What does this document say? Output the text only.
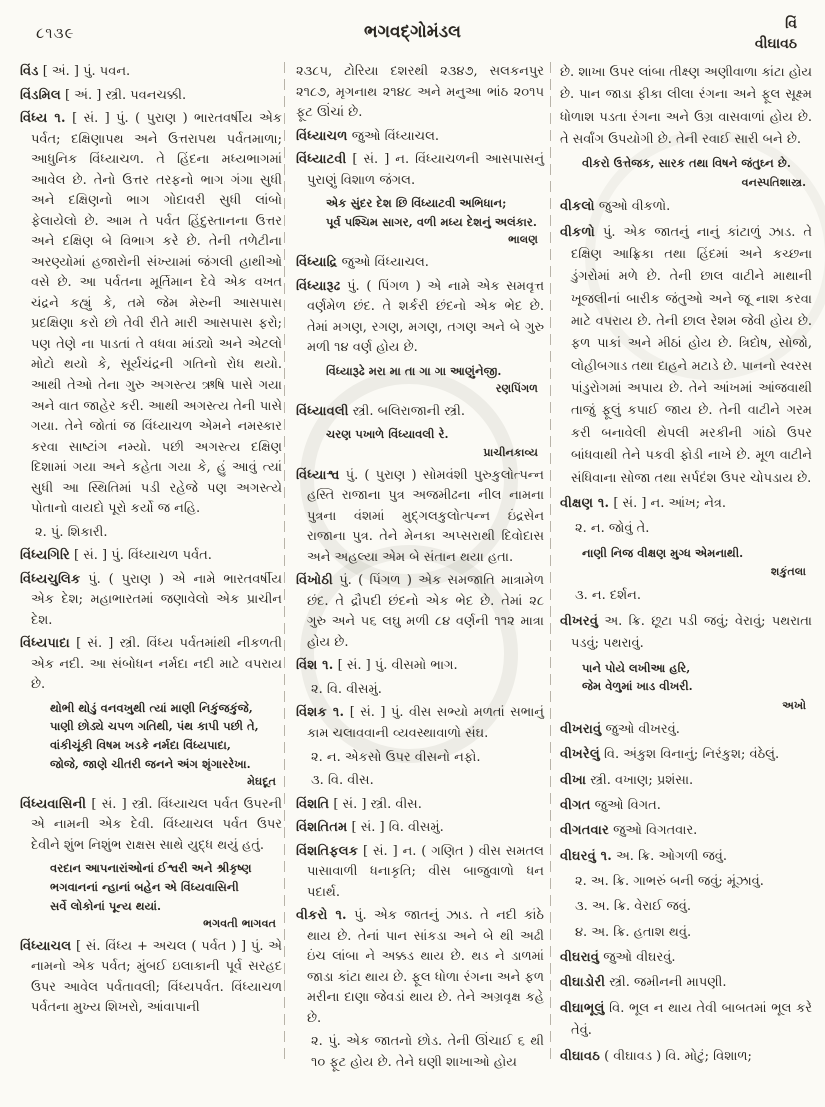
૮૧૩૯	ભગવદ્ગોમંડલ	વિં
વીઘાવઠ

વિંડ [ અં. ] પું. પવન.

વિંડમિલ [ અં. ] સ્ત્રી. પવનચક્કી.

વિંધ્ય ૧. [ સં. ] પું. ( પુરાણ ) ભારતવર્ષીય એક પર્વત; દક્ષિણાપથ અને ઉત્તરાપથ પર્વતમાળા; આધુનિક વિંધ્યાચળ. તે હિંદના મધ્યભાગમાં આવેલ છે. તેનો ઉત્તર તરફનો ભાગ ગંગા સુધી અને દક્ષિણનો ભાગ ગોદાવરી સુધી લાંબો ફેલાયેલો છે. આમ તે પર્વત હિંદુસ્તાનના ઉત્તર અને દક્ષિણ બે વિભાગ કરે છે. તેની તળેટીના અરણ્યોમાં હજારોની સંખ્યામાં જંગલી હાથીઓ વસે છે. આ પર્વતના મૂર્તિમાન દેવે એક વખત ચંદ્રને કહ્યું કે, તમે જેમ મેરુની આસપાસ પ્રદક્ષિણા કરો છો તેવી રીતે મારી આસપાસ ફરો; પણ તેણે ના પાડતાં તે વધવા માંડ્યો અને એટલો મોટો થયો કે, સૂર્યચંદ્રની ગતિનો રોધ થયો. આથી તેઓ તેના ગુરુ અગસ્ત્ય ઋષિ પાસે ગયા અને વાત જાહેર કરી. આથી અગસ્ત્ય તેની પાસે ગયા. તેને જોતાં જ વિંધ્યાચળ એમને નમસ્કાર કરવા સાષ્ટાંગ નમ્યો. પછી અગસ્ત્ય દક્ષિણ દિશામાં ગયા અને કહેતા ગયા કે, હું આવું ત્યાં સુધી આ સ્થિતિમાં પડી રહેજે પણ અગસ્ત્યે પોતાનો વાયદો પૂરો કર્યો જ નહિ.

૨. પું. શિકારી.

વિંધ્યગિરિ [ સં. ] પું. વિંધ્યાચળ પર્વત.

વિંધ્યચુલિક પું. ( પુરાણ ) એ નામે ભારતવર્ષીય એક દેશ; મહાભારતમાં જણાવેલો એક પ્રાચીન દેશ.

વિંધ્યપાદા [ સં. ] સ્ત્રી. વિંધ્ય પર્વતમાંથી નીકળતી એક નદી. આ સંબોધન નર્મદા નદી માટે વપરાય છે.

થોભી થોડું વનવખુથી ત્યાં માણી નિકુંજકુંજે,
પાણી છોડ્યે ચપળ ગતિથી, પંથ કાપી પછી તે,
વાંકીચૂંકી વિષમ ખડકે નર્મદા વિંધ્યપાદા,
જોજે, જાણે ચીતરી જનને અંગ શૃંગારરેખા.
મેઘદૂત

વિંધ્યવાસિની [ સં. ] સ્ત્રી. વિંધ્યાચલ પર્વત ઉપરની એ નામની એક દેવી. વિંધ્યાચલ પર્વત ઉપર દેવીને શુંભ નિશુંભ રાક્ષસ સાથે યુદ્ધ થયું હતું.

વરદાન આપનારાંઓનાં ઈશ્વરી અને શ્રીકૃષ્ણ
ભગવાનનાં ન્હાનાં બહેન એ વિંધ્યવાસિની
સર્વે લોકોનાં પૂન્ય થયાં.
ભગવતી ભાગવત

વિંધ્યાચલ [ સં. વિંધ્ય + અચલ ( પર્વત ) ] પું. એ નામનો એક પર્વત; મુંબઈ ઇલાકાની પૂર્વ સરહદ ઉપર આવેલ પર્વતાવલી; વિંધ્યપર્વત. વિંધ્યાચળ પર્વતના મુખ્ય શિખરો, આંવાપાની

૨૩૮૫, ટોરિયા દશરથી ૨૩૪૭, સલકનપુર ૨૧૮૭, મૃગનાથ ૨૧૪૮ અને મનુઆ ભાંઠ ૨૦૧૫ ફૂટ ઊંચાં છે.

વિંધ્યાચળ જુઓ વિંધ્યાચલ.

વિંધ્યાટવી [ સં. ] ન. વિંધ્યાચળની આસપાસનું પુરાણું વિશાળ જંગલ.

એક સુંદર દેશ છિ વિંધ્યાટવી અભિધાન;
પૂર્વ પશ્ચિમ સાગર, વળી મધ્ય દેશનું અલંકાર.
ભાલણ

વિંધ્યાદ્રિ જુઓ વિંધ્યાચલ.

વિંધ્યારૂઢ પું. ( પિંગળ ) એ નામે એક સમવૃત્ત વર્ણમેળ છંદ. તે શર્કરી છંદનો એક ભેદ છે. તેમાં મગણ, રગણ, મગણ, તગણ અને બે ગુરુ મળી ૧૪ વર્ણ હોય છે.

વિંધ્યારૂઢે મરા મા તા ગા ગા આણુંનેજી.
રણપિંગળ

વિંધ્યાવલી સ્ત્રી. બલિરાજાની સ્ત્રી.

ચરણ પખાળે વિંધ્યાવલી રે.
પ્રાચીનકાવ્ય

વિંધ્યાશ્વ પું. ( પુરાણ ) સોમવંશી પુરુકુલોત્પન્ન હસ્તિ રાજાના પુત્ર અજમીઢના નીલ નામના પુત્રના વંશમાં મુદ્ગલકુલોત્પન્ન ઇંદ્રસેન રાજાના પુત્ર. તેને મેનકા અપ્સરાથી દિવોદાસ અને અહલ્યા એમ બે સંતાન થયા હતા.

વિંખોઠી પું. ( પિંગળ ) એક સમજાતિ માત્રામેળ છંદ. તે દ્રૌપદી છંદનો એક ભેદ છે. તેમાં ૨૮ ગુરુ અને ૫૬ લઘુ મળી ૮૪ વર્ણની ૧૧૨ માત્રા હોય છે.

વિંશ ૧. [ સં. ] પું. વીસમો ભાગ.

૨. વિ. વીસમું.

વિંશક ૧. [ સં. ] પું. વીસ સભ્યો મળતાં સભાનું કામ ચલાવવાની વ્યવસ્થાવાળો સંઘ.

૨. ન. એકસો ઉપર વીસનો નફો.

૩. વિ. વીસ.

વિંશતિ [ સં. ] સ્ત્રી. વીસ.

વિંશતિતમ [ સં. ] વિ. વીસમું.

વિંશતિફલક [ સં. ] ન. ( ગણિત ) વીસ સમતલ પાસાવાળી ધનાકૃતિ; વીસ બાજુવાળો ધન પદાર્થ.

વીકરો ૧. પું. એક જાતનું ઝાડ. તે નદી કાંઠે થાય છે. તેનાં પાન સાંકડા અને બે થી અઢી ઇંચ લાંબા ને અક્કડ થાય છે. થડ ને ડાળમાં જાડા કાંટા થાય છે. ફૂલ ધોળા રંગના અને ફળ મરીના દાણા જેવડાં થાય છે. તેને અગ્રવૃક્ષ કહે છે.

૨. પું. એક જાતનો છોડ. તેની ઊંચાઈ ૬ થી ૧૦ ફૂટ હોય છે. તેને ઘણી શાખાઓ હોય

છે. શાખા ઉપર લાંબા તીક્ષ્ણ અણીવાળા કાંટા હોય છે. પાન જાડા ફીકા લીલા રંગના અને ફૂલ સૂક્ષ્મ ધોળાશ પડતા રંગના અને ઉગ્ર વાસવાળાં હોય છે. તે સર્વાંગ ઉપયોગી છે. તેની રવાઈ સારી બને છે.

વીકરો ઉત્તેજક, સારક તથા વિષને જંતુઘ્ન છે.
વનસ્પતિશાસ્ત્ર.

વીકલો જુઓ વીકળો.

વીકળો પું. એક જાતનું નાનું કાંટાળું ઝાડ. તે દક્ષિણ આફ્રિકા તથા હિંદમાં અને કચ્છના ડુંગરોમાં મળે છે. તેની છાલ વાટીને માથાની ખૂજલીનાં બારીક જંતુઓ અને જૂ નાશ કરવા માટે વપરાય છે. તેની છાલ રેશમ જેવી હોય છે. ફળ પાકાં અને મીઠાં હોય છે. ત્રિદોષ, સોજો, લોહીબગાડ તથા દાહને મટાડે છે. પાનનો સ્વરસ પાંડુરોગમાં અપાય છે. તેને આંખમાં આંજવાથી તાજું ફૂલું કપાઈ જાય છે. તેની વાટીને ગરમ કરી બનાવેલી થેપલી મરકીની ગાંઠો ઉપર બાંધવાથી તેને પકવી ફોડી નાખે છે. મૂળ વાટીને સંધિવાના સોજા તથા સર્પદંશ ઉપર ચોપડાય છે.

વીક્ષણ ૧. [ સં. ] ન. આંખ; નેત્ર.

૨. ન. જોવું તે.

નાણી નિજ વીક્ષણ મુગ્ધ એમનાથી.
શકુંતલા

૩. ન. દર્શન.

વીખરવું અ. ક્રિ. છૂટા પડી જવું; વેરાવું; પથરાતા પડવું; પથરાવું.

પાને પોયે લખીઆ હરિ,
જેમ વેળુમાં ખાડ વીખરી.
અખો

વીખરાવું જુઓ વીખરવું.

વીખરેલું વિ. અંકુશ વિનાનું; નિરંકુશ; વંઠેલું.

વીખા સ્ત્રી. વખાણ; પ્રશંસા.

વીગત જુઓ વિગત.

વીગતવાર જુઓ વિગતવાર.

વીઘરવું ૧. અ. ક્રિ. ઓગળી જવું.

૨. અ. ક્રિ. ગાભરું બની જવું; મૂંઝાવું.

૩. અ. ક્રિ. વેરાઈ જવું.

૪. અ. ક્રિ. હતાશ થવું.

વીઘરાવું જુઓ વીઘરવું.

વીઘાડોરી સ્ત્રી. જમીનની માપણી.

વીઘાભૂલું વિ. ભૂલ ન થાય તેવી બાબતમાં ભૂલ કરે તેવું.

વીઘાવઠ ( વીઘાવડ ) વિ. મોટું; વિશાળ;
